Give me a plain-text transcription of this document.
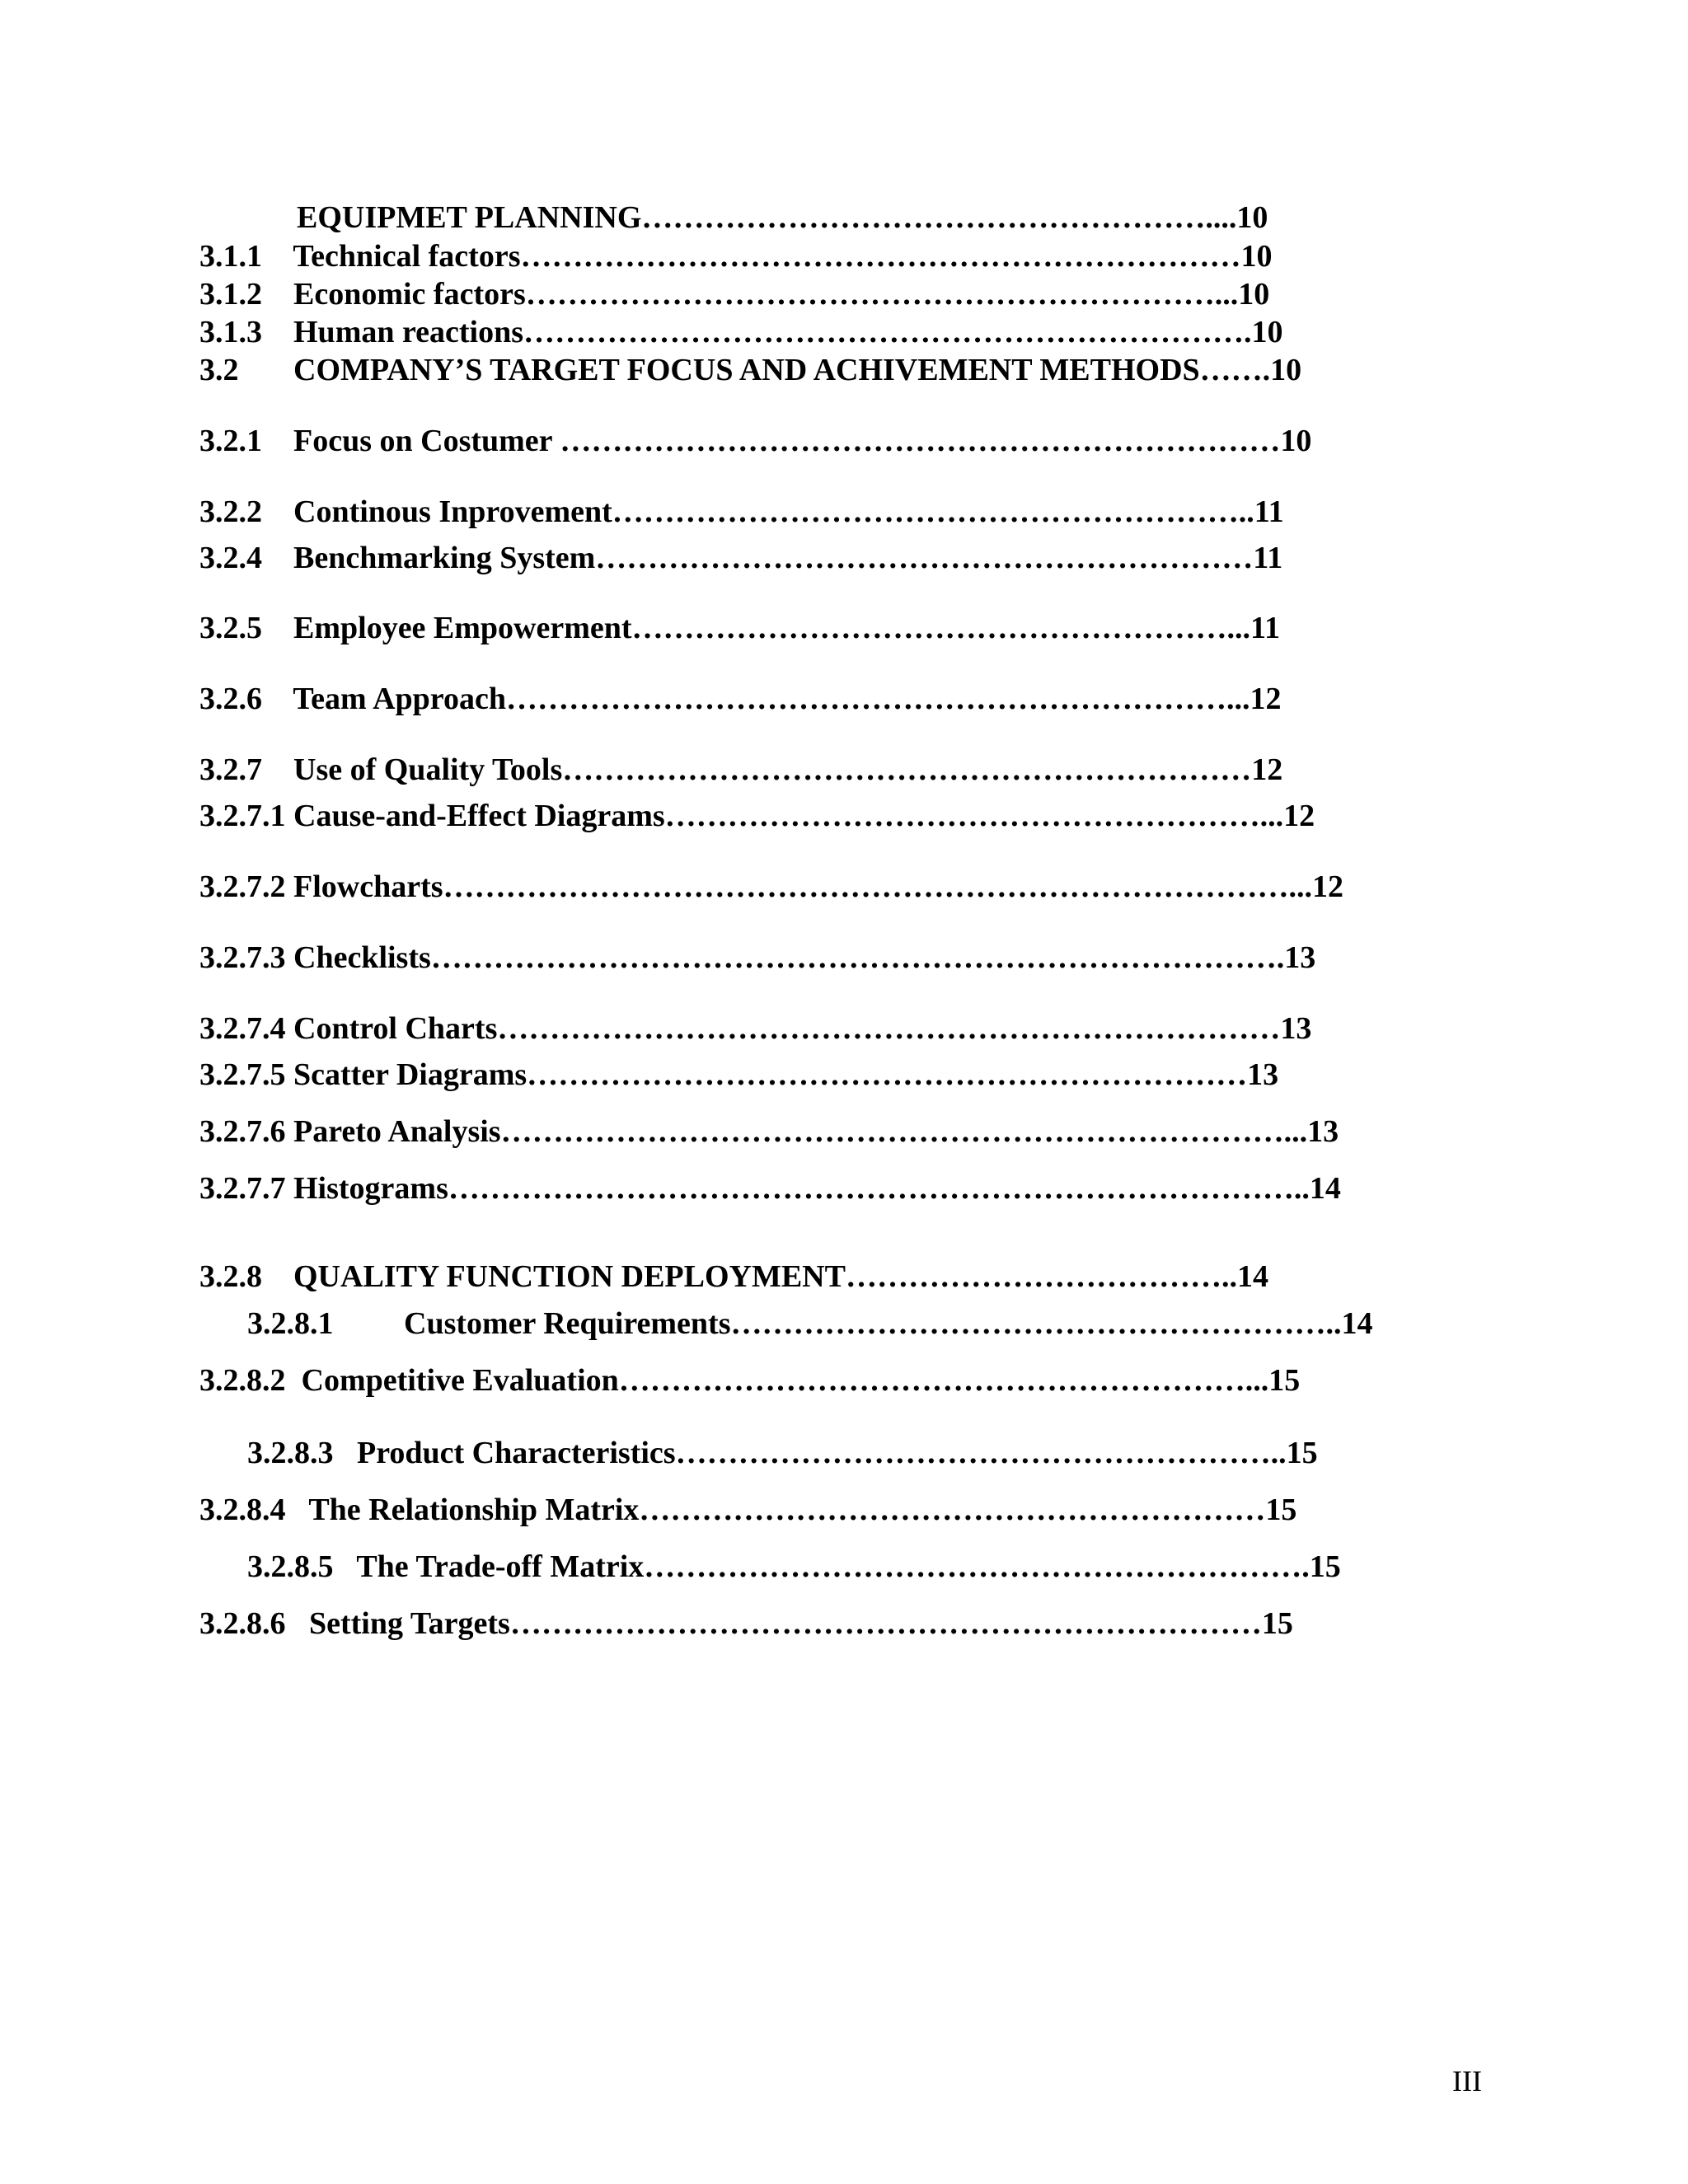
EQUIPMET PLANNING………………………………………………....10
3.1.1    Technical factors……………………………………………………………10
3.1.2    Economic factors…………………………………………………………...10
3.1.3    Human reactions…………………………………………………………….10
3.2       COMPANY’S TARGET FOCUS AND ACHIVEMENT METHODS…….10
3.2.1    Focus on Costumer ……………………………………………………………10
3.2.2    Continous Inprovement……………………………………………………..11
3.2.4    Benchmarking System………………………………………………………11
3.2.5    Employee Empowerment…………………………………………………...11
3.2.6    Team Approach……………………………………………………………...12
3.2.7    Use of Quality Tools…………………………………………………………12
3.2.7.1 Cause-and-Effect Diagrams…………………………………………………...12
3.2.7.2 Flowcharts………………………………………………………………………...12
3.2.7.3 Checklists……………………………………………………………………….13
3.2.7.4 Control Charts…………………………………………………………………13
3.2.7.5 Scatter Diagrams……………………………………………………………13
3.2.7.6 Pareto Analysis…………………………………………………………………...13
3.2.7.7 Histograms………………………………………………………………………..14
3.2.8    QUALITY FUNCTION DEPLOYMENT………………………………..14
3.2.8.1         Customer Requirements…………………………………………………..14
3.2.8.2  Competitive Evaluation……………………………………………………...15
3.2.8.3   Product Characteristics…………………………………………………..15
3.2.8.4   The Relationship Matrix……………………………………………………15
3.2.8.5   The Trade-off Matrix……………………………………………………….15
3.2.8.6   Setting Targets………………………………………………………………15
III
